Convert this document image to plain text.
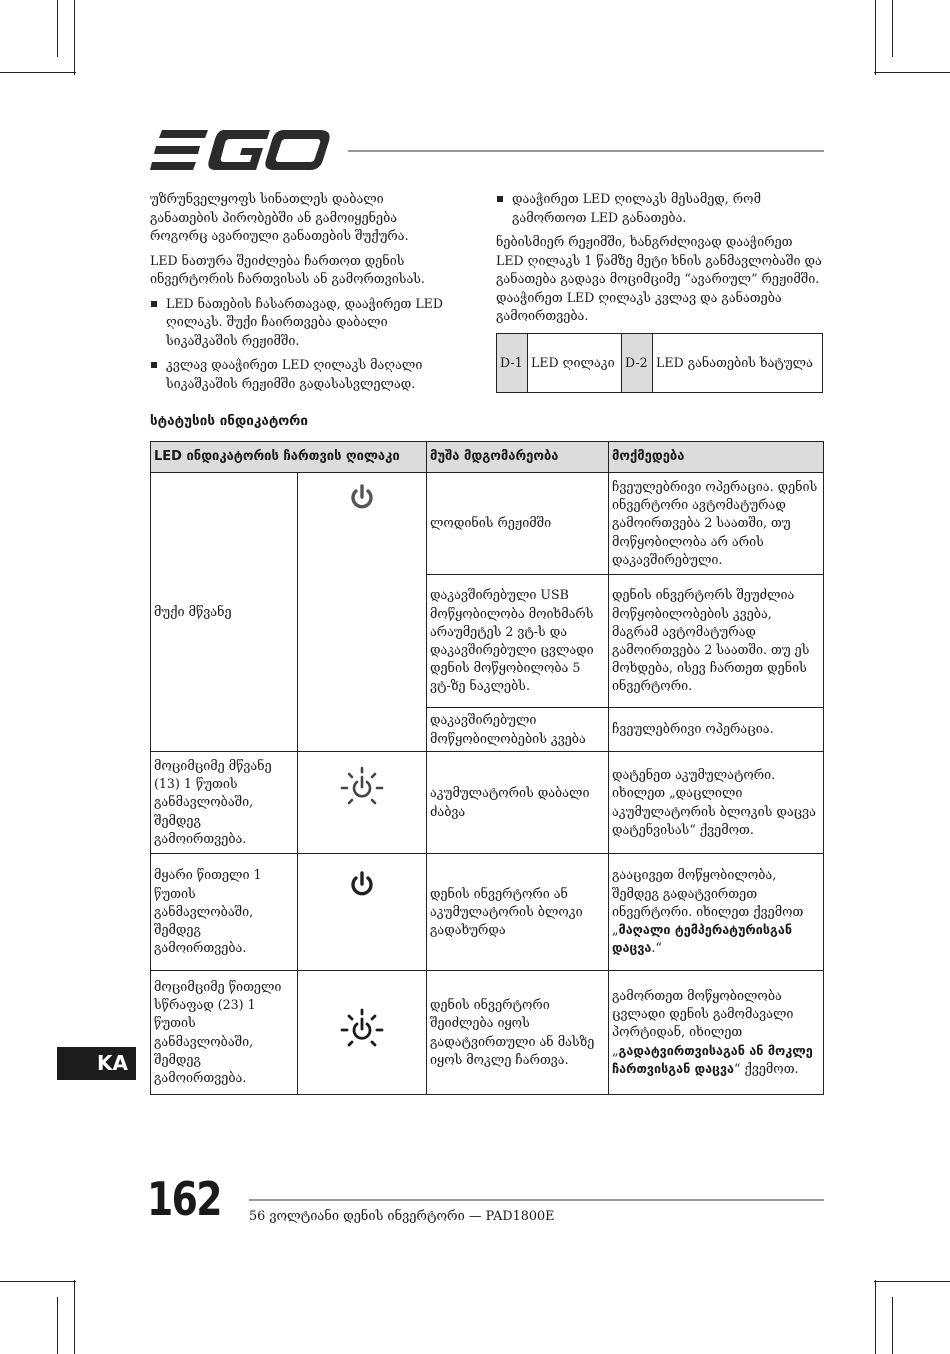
უზრუნველყოფს სინათლეს დაბალი განათების პირობებში ან გამოიყენება როგორც ავარიული განათების შუქურა.

LED ნათურა შეიძლება ჩართოთ დენის ინვერტორის ჩართვისას ან გამორთვისას.

LED ნათების ჩასართავად, დააჭირეთ LED ღილაკს. შუქი ჩაირთვება დაბალი სიკაშკაშის რეჟიმში.
კვლავ დააჭირეთ LED ღილაკს მაღალი სიკაშკაშის რეჟიმში გადასასვლელად.
დააჭირეთ LED ღილაკს მესამედ, რომ გამორთოთ LED განათება.

ნებისმიერ რეჟიმში, ხანგრძლივად დააჭირეთ LED ღილაკს 1 წამზე მეტი ხნის განმავლობაში და განათება გადავა მოციმციმე “ავარიულ” რეჟიმში. დააჭირეთ LED ღილაკს კვლავ და განათება გამოირთვება.

D-1	LED ღილაკი	D-2	LED განათების ხატულა
სტატუსის ინდიკატორი
LED ინდიკატორის ჩართვის ღილაკი		მუშა მდგომარეობა	მოქმედება
მუქი მწვანე		ლოდინის რეჟიმში	ჩვეულებრივი ოპერაცია. დენის ინვერტორი ავტომატურად გამოირთვება 2 საათში, თუ მოწყობილობა არ არის დაკავშირებული.
		დაკავშირებული USB მოწყობილობა მოიხმარს არაუმეტეს 2 ვტ-ს და დაკავშირებული ცვლადი დენის მოწყობილობა 5 ვტ-ზე ნაკლებს.	დენის ინვერტორს შეუძლია მოწყობილობების კვება, მაგრამ ავტომატურად გამოირთვება 2 საათში. თუ ეს მოხდება, ისევ ჩართეთ დენის ინვერტორი.
		დაკავშირებული მოწყობილობების კვება	ჩვეულებრივი ოპერაცია.
მოციმციმე მწვანე (13) 1 წუთის განმავლობაში, შემდეგ გამოირთვება.		აკუმულატორის დაბალი ძაბვა	დატენეთ აკუმულატორი. იხილეთ „დაცლილი აკუმულატორის ბლოკის დაცვა დატენვისას“ ქვემოთ.
მყარი წითელი 1 წუთის განმავლობაში, შემდეგ გამოირთვება.		დენის ინვერტორი ან აკუმულატორის ბლოკი გადახურდა	გააცივეთ მოწყობილობა, შემდეგ გადატვირთეთ ინვერტორი. იხილეთ ქვემოთ „მაღალი ტემპერატურისგან დაცვა.“
მოციმციმე წითელი სწრაფად (23) 1 წუთის განმავლობაში, შემდეგ გამოირთვება.		დენის ინვერტორი შეიძლება იყოს გადატვირთული ან მასზე იყოს მოკლე ჩართვა.	გამორთეთ მოწყობილობა ცვლადი დენის გამომავალი პორტიდან, იხილეთ „გადატვირთვისაგან ან მოკლე ჩართვისგან დაცვა“ ქვემოთ.
KA
162 56 ვოლტიანი დენის ინვერტორი — PAD1800E
